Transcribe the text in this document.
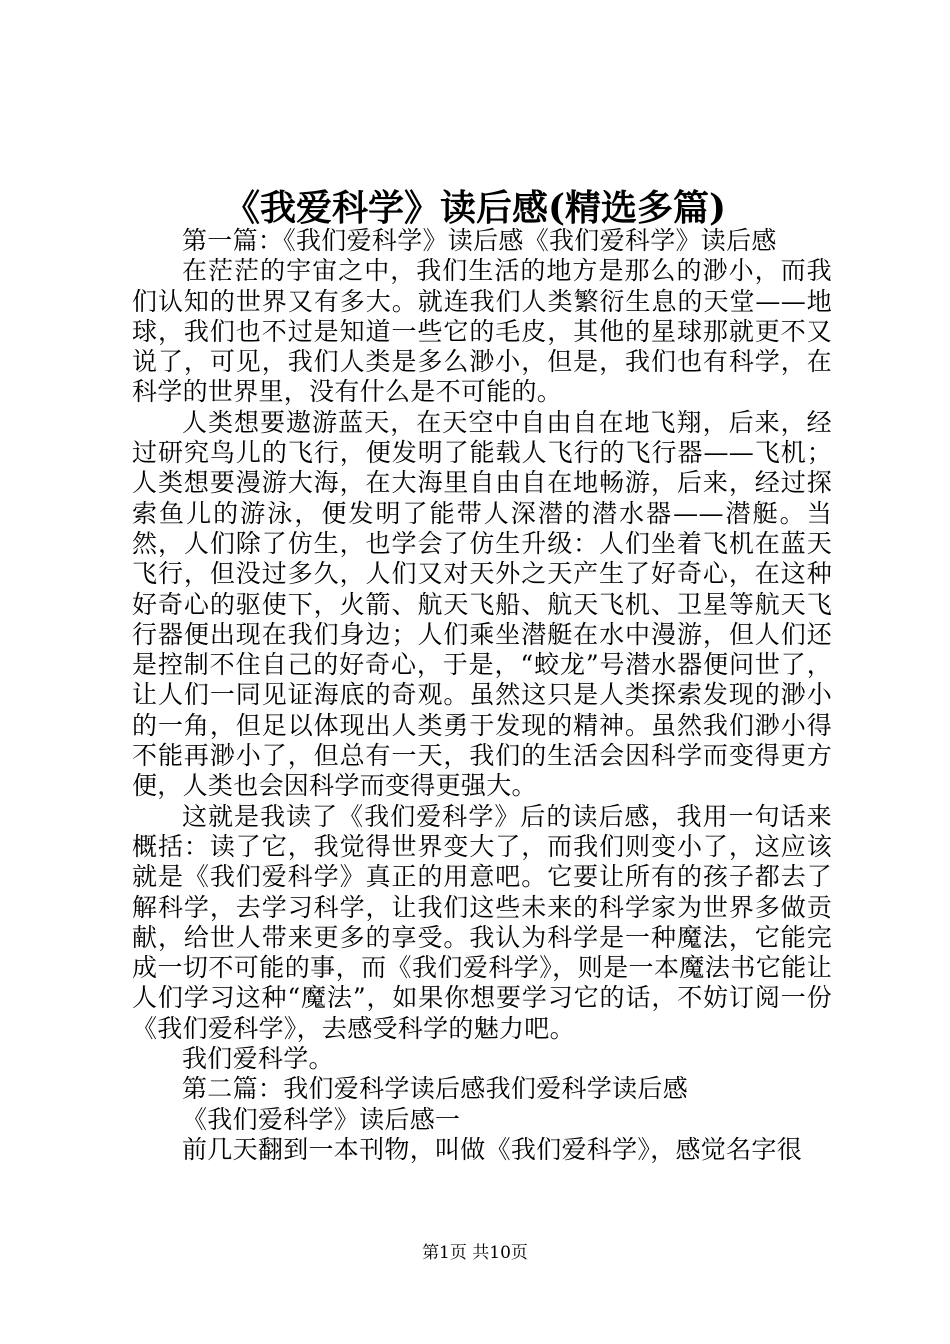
《我爱科学》读后感(精选多篇)

第一篇：《我们爱科学》读后感《我们爱科学》读后感

在茫茫的宇宙之中，我们生活的地方是那么的渺小，而我们认知的世界又有多大。就连我们人类繁衍生息的天堂——地球，我们也不过是知道一些它的毛皮，其他的星球那就更不又说了，可见，我们人类是多么渺小，但是，我们也有科学，在科学的世界里，没有什么是不可能的。

人类想要遨游蓝天，在天空中自由自在地飞翔，后来，经过研究鸟儿的飞行，便发明了能载人飞行的飞行器——飞机；人类想要漫游大海，在大海里自由自在地畅游，后来，经过探索鱼儿的游泳，便发明了能带人深潜的潜水器——潜艇。当然，人们除了仿生，也学会了仿生升级：人们坐着飞机在蓝天飞行，但没过多久，人们又对天外之天产生了好奇心，在这种好奇心的驱使下，火箭、航天飞船、航天飞机、卫星等航天飞行器便出现在我们身边；人们乘坐潜艇在水中漫游，但人们还是控制不住自己的好奇心，于是，“蛟龙”号潜水器便问世了，让人们一同见证海底的奇观。虽然这只是人类探索发现的渺小的一角，但足以体现出人类勇于发现的精神。虽然我们渺小得不能再渺小了，但总有一天，我们的生活会因科学而变得更方便，人类也会因科学而变得更强大。

这就是我读了《我们爱科学》后的读后感，我用一句话来概括：读了它，我觉得世界变大了，而我们则变小了，这应该就是《我们爱科学》真正的用意吧。它要让所有的孩子都去了解科学，去学习科学，让我们这些未来的科学家为世界多做贡献，给世人带来更多的享受。我认为科学是一种魔法，它能完成一切不可能的事，而《我们爱科学》，则是一本魔法书它能让人们学习这种“魔法”，如果你想要学习它的话，不妨订阅一份《我们爱科学》，去感受科学的魅力吧。

我们爱科学。

第二篇：我们爱科学读后感我们爱科学读后感

《我们爱科学》读后感一

前几天翻到一本刊物，叫做《我们爱科学》，感觉名字很

第1页 共10页
